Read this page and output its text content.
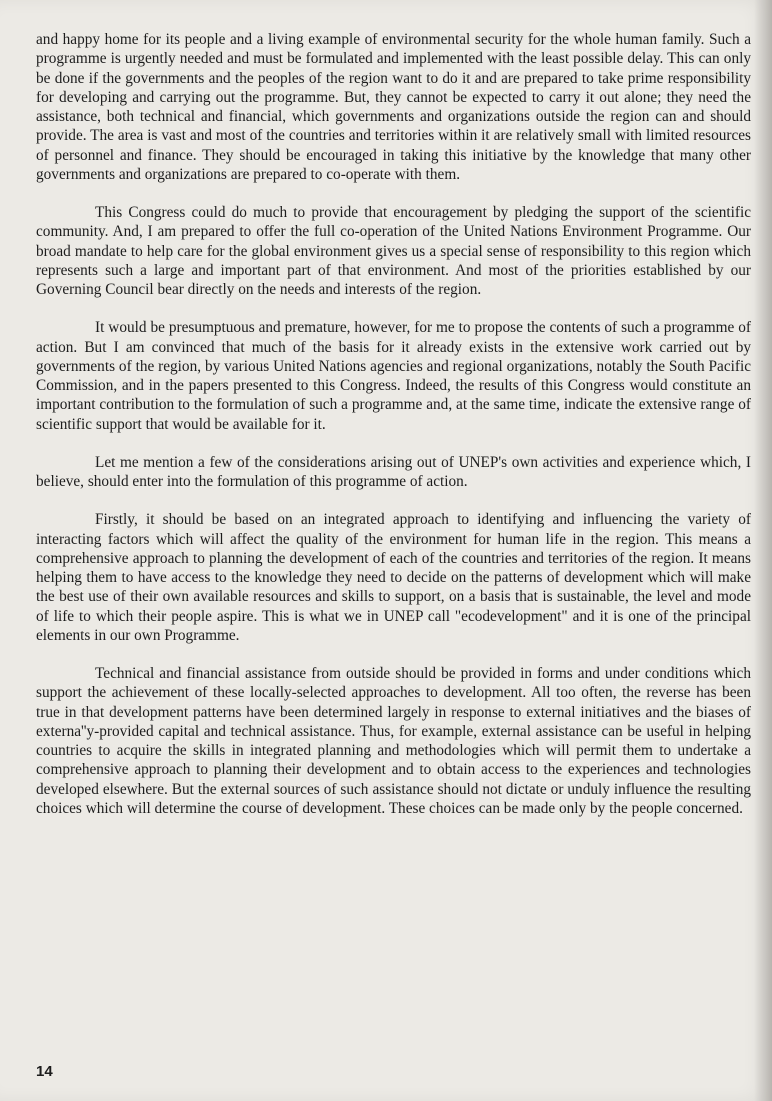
and happy home for its people and a living example of environmental security for the whole human family. Such a programme is urgently needed and must be formulated and implemented with the least possible delay. This can only be done if the governments and the peoples of the region want to do it and are prepared to take prime responsibility for developing and carrying out the programme. But, they cannot be expected to carry it out alone; they need the assistance, both technical and financial, which governments and organizations outside the region can and should provide. The area is vast and most of the countries and territories within it are relatively small with limited resources of personnel and finance. They should be encouraged in taking this initiative by the knowledge that many other governments and organizations are prepared to co-operate with them.

This Congress could do much to provide that encouragement by pledging the support of the scientific community. And, I am prepared to offer the full co-operation of the United Nations Environment Programme. Our broad mandate to help care for the global environment gives us a special sense of responsibility to this region which represents such a large and important part of that environment. And most of the priorities established by our Governing Council bear directly on the needs and interests of the region.

It would be presumptuous and premature, however, for me to propose the contents of such a programme of action. But I am convinced that much of the basis for it already exists in the extensive work carried out by governments of the region, by various United Nations agencies and regional organizations, notably the South Pacific Commission, and in the papers presented to this Congress. Indeed, the results of this Congress would constitute an important contribution to the formulation of such a programme and, at the same time, indicate the extensive range of scientific support that would be available for it.

Let me mention a few of the considerations arising out of UNEP's own activities and experience which, I believe, should enter into the formulation of this programme of action.

Firstly, it should be based on an integrated approach to identifying and influencing the variety of interacting factors which will affect the quality of the environment for human life in the region. This means a comprehensive approach to planning the development of each of the countries and territories of the region. It means helping them to have access to the knowledge they need to decide on the patterns of development which will make the best use of their own available resources and skills to support, on a basis that is sustainable, the level and mode of life to which their people aspire. This is what we in UNEP call "ecodevelopment" and it is one of the principal elements in our own Programme.

Technical and financial assistance from outside should be provided in forms and under conditions which support the achievement of these locally-selected approaches to development. All too often, the reverse has been true in that development patterns have been determined largely in response to external initiatives and the biases of externa''y-provided capital and technical assistance. Thus, for example, external assistance can be useful in helping countries to acquire the skills in integrated planning and methodologies which will permit them to undertake a comprehensive approach to planning their development and to obtain access to the experiences and technologies developed elsewhere. But the external sources of such assistance should not dictate or unduly influence the resulting choices which will determine the course of development. These choices can be made only by the people concerned.

14
